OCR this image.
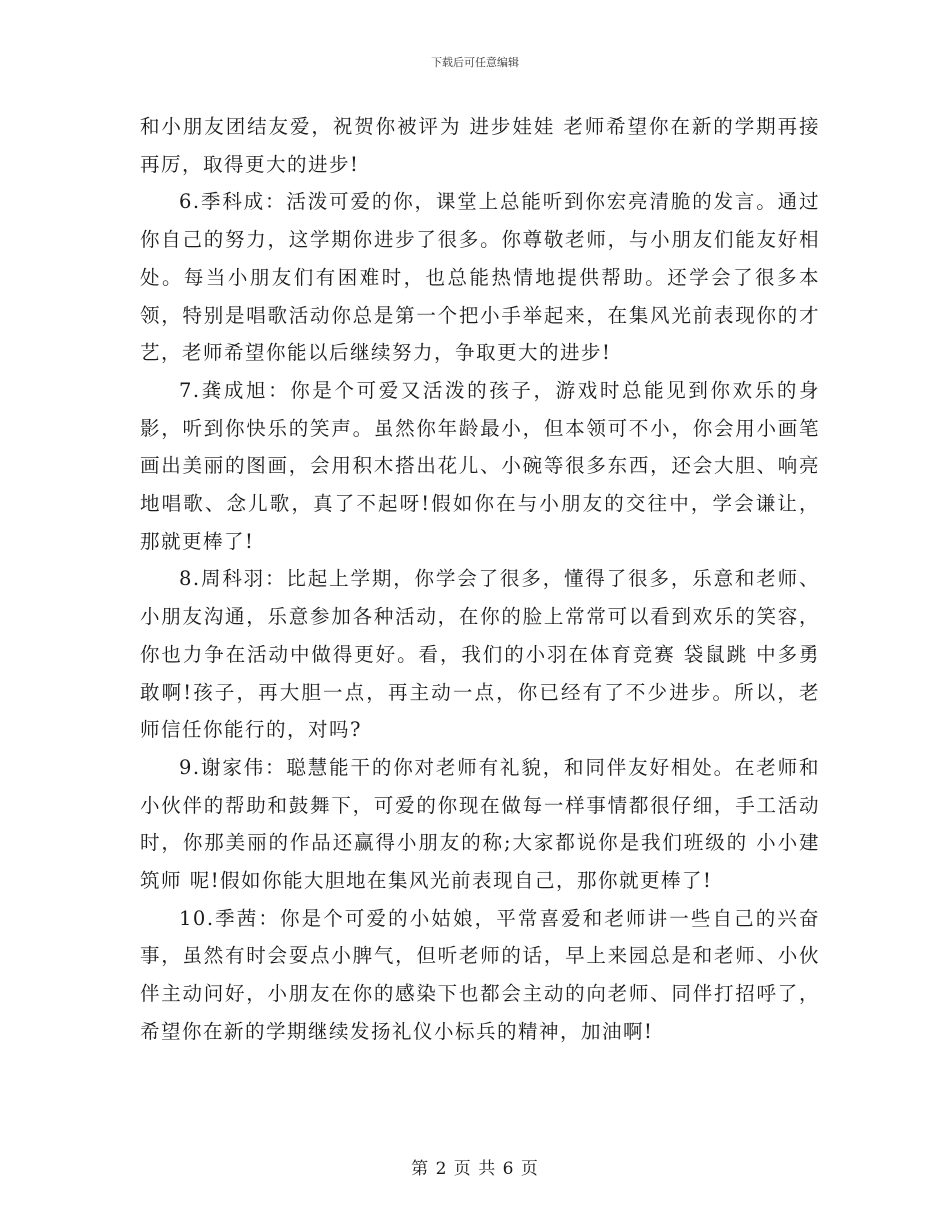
下载后可任意编辑

和小朋友团结友爱，祝贺你被评为 进步娃娃 老师希望你在新的学期再接再厉，取得更大的进步!

6.季科成：活泼可爱的你，课堂上总能听到你宏亮清脆的发言。通过你自己的努力，这学期你进步了很多。你尊敬老师，与小朋友们能友好相处。每当小朋友们有困难时，也总能热情地提供帮助。还学会了很多本领，特别是唱歌活动你总是第一个把小手举起来，在集风光前表现你的才艺，老师希望你能以后继续努力，争取更大的进步!

7.龚成旭：你是个可爱又活泼的孩子，游戏时总能见到你欢乐的身影，听到你快乐的笑声。虽然你年龄最小，但本领可不小，你会用小画笔画出美丽的图画，会用积木搭出花儿、小碗等很多东西，还会大胆、响亮地唱歌、念儿歌，真了不起呀!假如你在与小朋友的交往中，学会谦让，那就更棒了!

8.周科羽：比起上学期，你学会了很多，懂得了很多，乐意和老师、小朋友沟通，乐意参加各种活动，在你的脸上常常可以看到欢乐的笑容，你也力争在活动中做得更好。看，我们的小羽在体育竞赛 袋鼠跳 中多勇敢啊!孩子，再大胆一点，再主动一点，你已经有了不少进步。所以，老师信任你能行的，对吗?

9.谢家伟：聪慧能干的你对老师有礼貌，和同伴友好相处。在老师和小伙伴的帮助和鼓舞下，可爱的你现在做每一样事情都很仔细，手工活动时，你那美丽的作品还赢得小朋友的称;大家都说你是我们班级的 小小建筑师 呢!假如你能大胆地在集风光前表现自己，那你就更棒了!

10.季茜：你是个可爱的小姑娘，平常喜爱和老师讲一些自己的兴奋事，虽然有时会耍点小脾气，但听老师的话，早上来园总是和老师、小伙伴主动问好，小朋友在你的感染下也都会主动的向老师、同伴打招呼了，希望你在新的学期继续发扬礼仪小标兵的精神，加油啊!

第 2 页 共 6 页
